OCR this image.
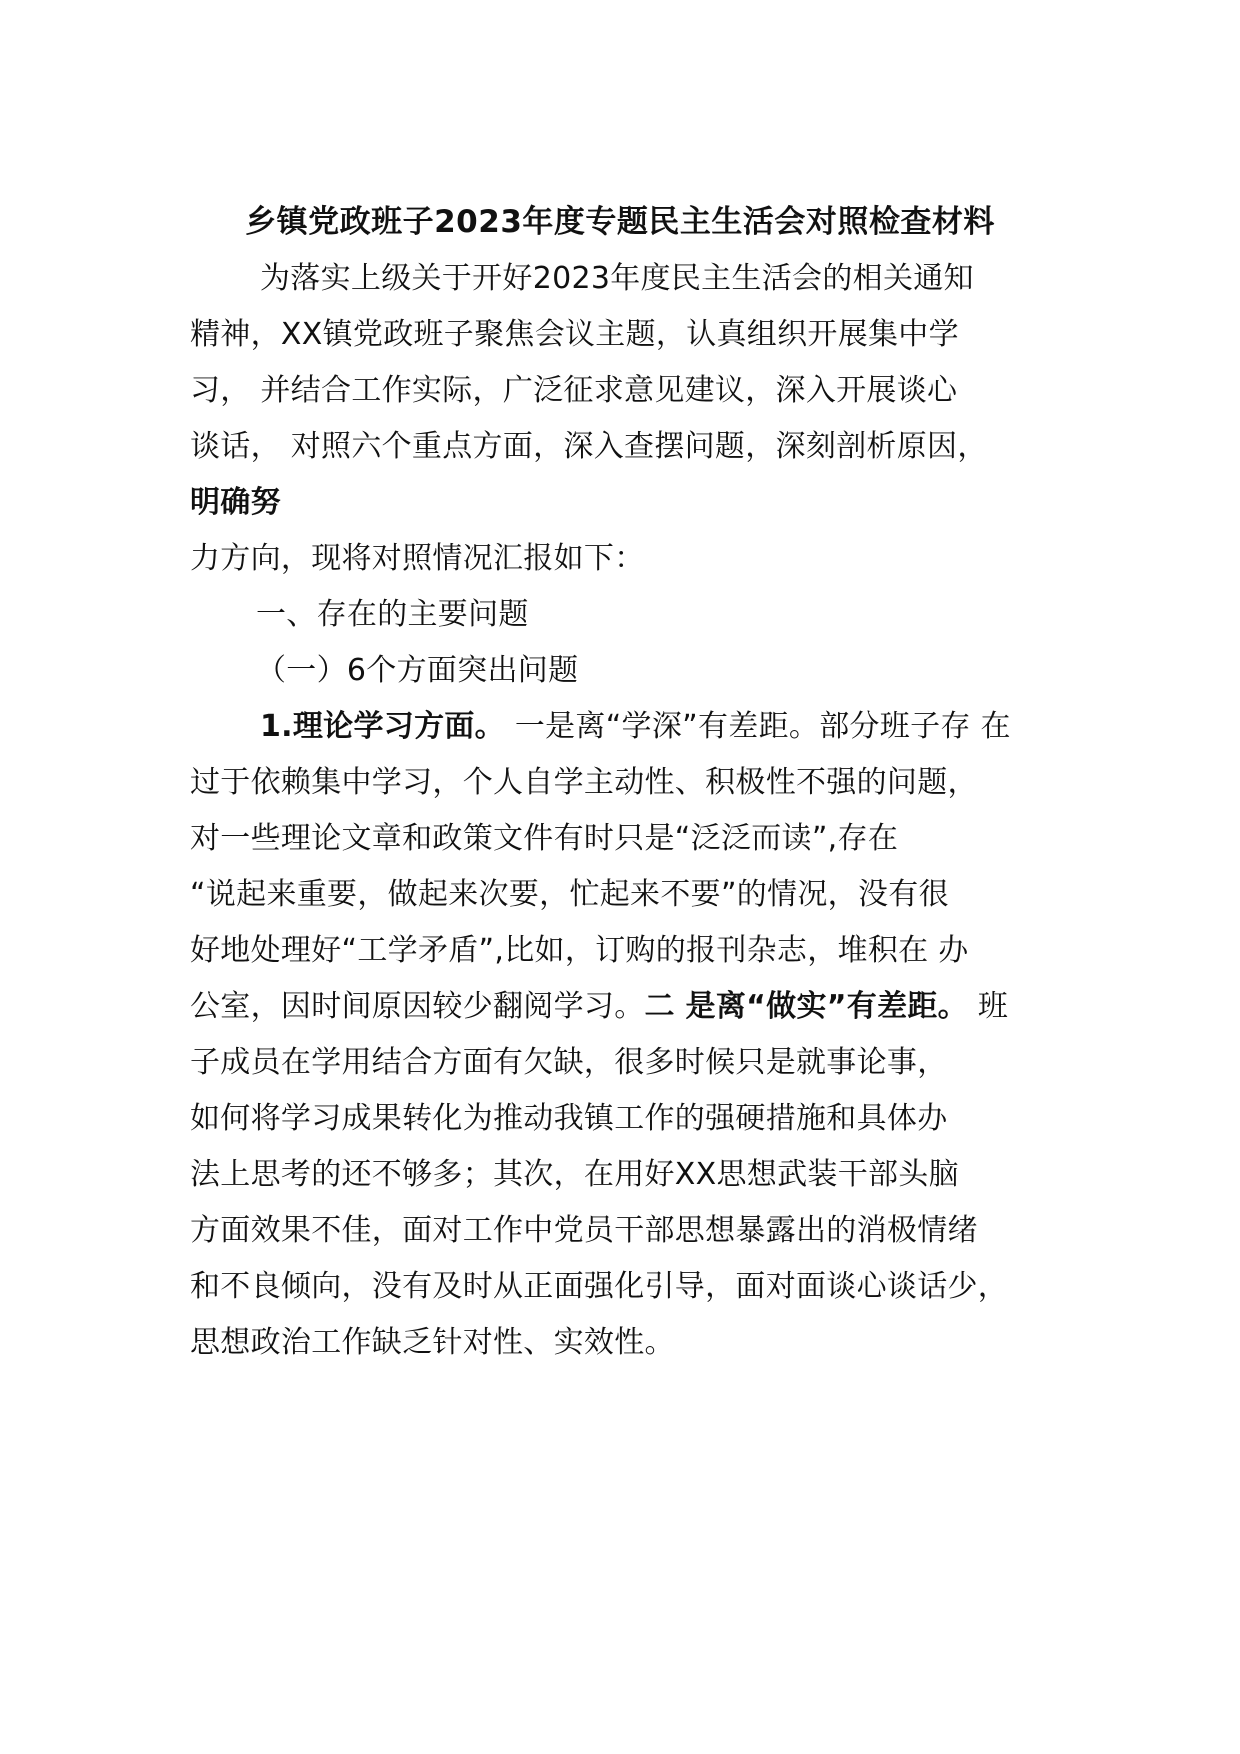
乡镇党政班子2023年度专题民主生活会对照检查材料
为落实上级关于开好2023年度民主生活会的相关通知
精神，XX镇党政班子聚焦会议主题，认真组织开展集中学
习， 并结合工作实际，广泛征求意见建议，深入开展谈心
谈话， 对照六个重点方面，深入查摆问题，深刻剖析原因，
明确努
力方向，现将对照情况汇报如下：
一、存在的主要问题
（一）6个方面突出问题
1.理论学习方面。 一是离“学深”有差距。部分班子存 在
过于依赖集中学习，个人自学主动性、积极性不强的问题，
对一些理论文章和政策文件有时只是“泛泛而读”,存在
“说起来重要，做起来次要，忙起来不要”的情况，没有很
好地处理好“工学矛盾”,比如，订购的报刊杂志，堆积在 办
公室，因时间原因较少翻阅学习。二 是离“做实”有差距。 班
子成员在学用结合方面有欠缺，很多时候只是就事论事，
如何将学习成果转化为推动我镇工作的强硬措施和具体办
法上思考的还不够多；其次，在用好XX思想武装干部头脑
方面效果不佳，面对工作中党员干部思想暴露出的消极情绪
和不良倾向，没有及时从正面强化引导，面对面谈心谈话少，
思想政治工作缺乏针对性、实效性。
